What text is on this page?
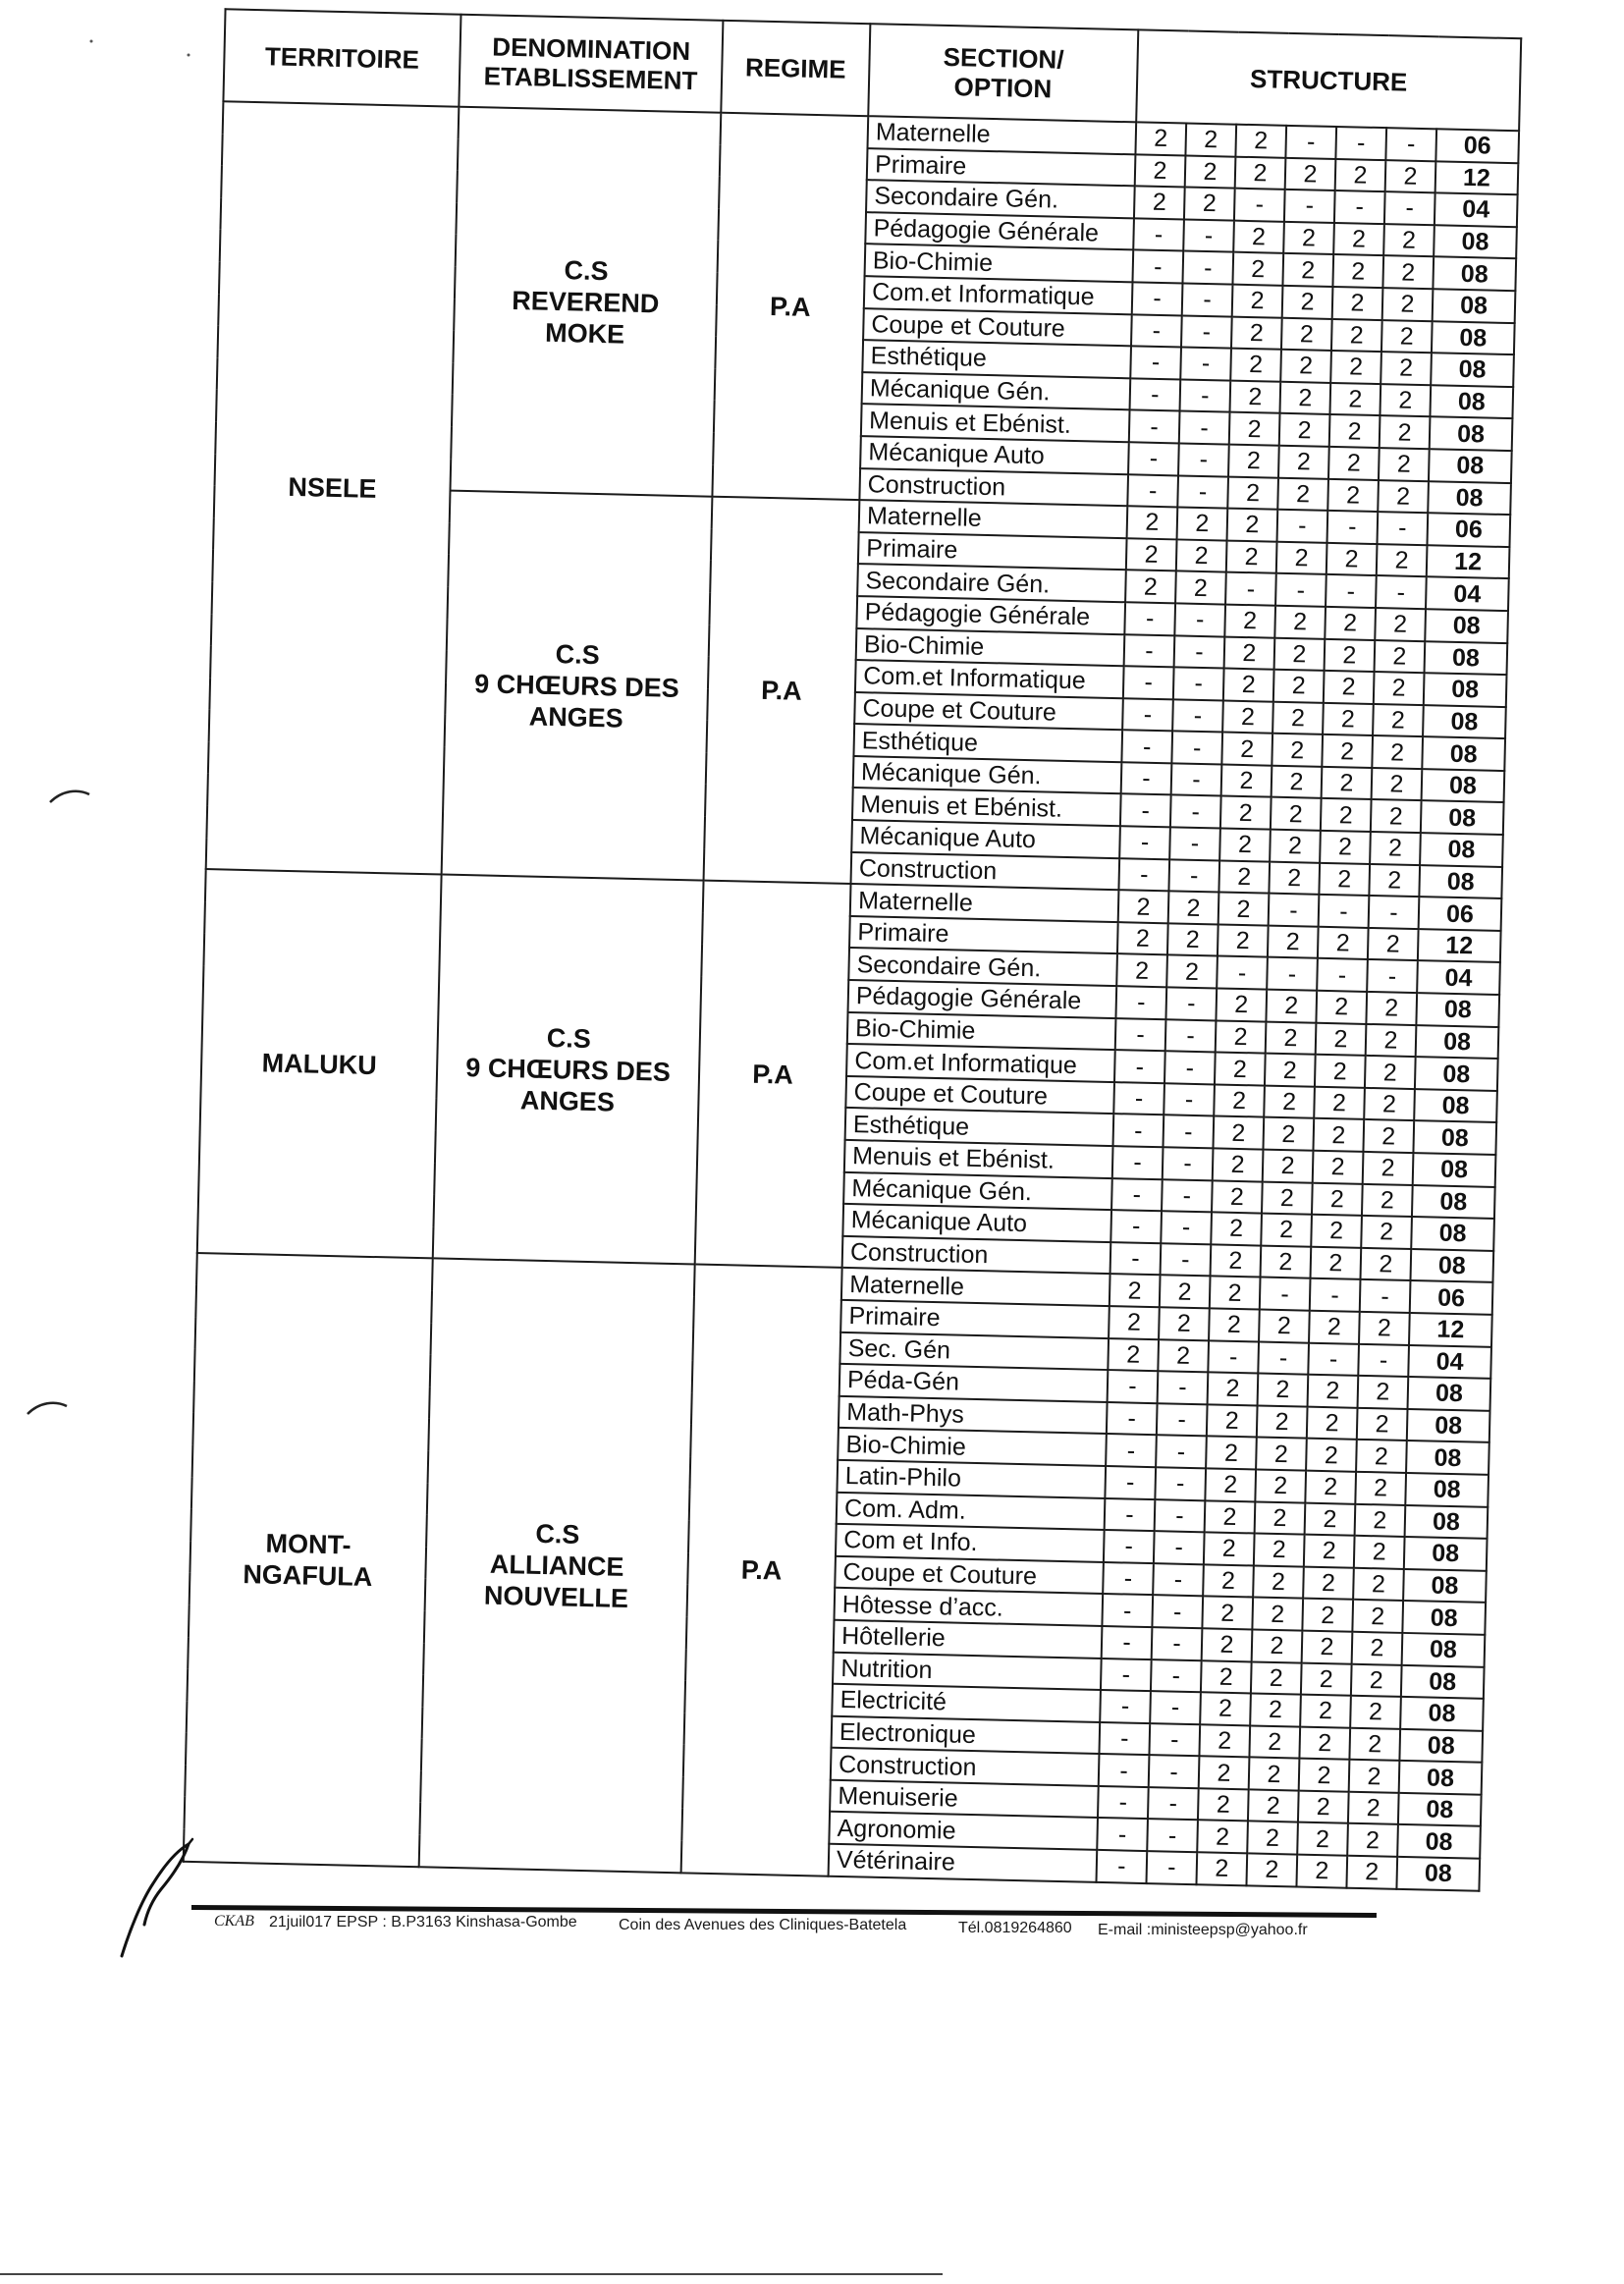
TERRITOIRE	DENOMINATION
ETABLISSEMENT	REGIME	SECTION/
OPTION	STRUCTURE						

NSELE	C.S
REVEREND
MOKE	P.A	Maternelle	2	2	2	-	-	-	06
			Primaire	2	2	2	2	2	2	12
			Secondaire Gén.	2	2	-	-	-	-	04
			Pédagogie Générale	-	-	2	2	2	2	08
			Bio-Chimie	-	-	2	2	2	2	08
			Com.et Informatique	-	-	2	2	2	2	08
			Coupe et Couture	-	-	2	2	2	2	08
			Esthétique	-	-	2	2	2	2	08
			Mécanique Gén.	-	-	2	2	2	2	08
			Menuis et Ebénist.	-	-	2	2	2	2	08
			Mécanique Auto	-	-	2	2	2	2	08
			Construction	-	-	2	2	2	2	08

	C.S
9 CHŒURS DES
ANGES	P.A	Maternelle	2	2	2	-	-	-	06
			Primaire	2	2	2	2	2	2	12
			Secondaire Gén.	2	2	-	-	-	-	04
			Pédagogie Générale	-	-	2	2	2	2	08
			Bio-Chimie	-	-	2	2	2	2	08
			Com.et Informatique	-	-	2	2	2	2	08
			Coupe et Couture	-	-	2	2	2	2	08
			Esthétique	-	-	2	2	2	2	08
			Mécanique Gén.	-	-	2	2	2	2	08
			Menuis et Ebénist.	-	-	2	2	2	2	08
			Mécanique Auto	-	-	2	2	2	2	08
			Construction	-	-	2	2	2	2	08

MALUKU	C.S
9 CHŒURS DES
ANGES	P.A	Maternelle	2	2	2	-	-	-	06
			Primaire	2	2	2	2	2	2	12
			Secondaire Gén.	2	2	-	-	-	-	04
			Pédagogie Générale	-	-	2	2	2	2	08
			Bio-Chimie	-	-	2	2	2	2	08
			Com.et Informatique	-	-	2	2	2	2	08
			Coupe et Couture	-	-	2	2	2	2	08
			Esthétique	-	-	2	2	2	2	08
			Menuis et Ebénist.	-	-	2	2	2	2	08
			Mécanique Gén.	-	-	2	2	2	2	08
			Mécanique Auto	-	-	2	2	2	2	08
			Construction	-	-	2	2	2	2	08

MONT-
NGAFULA	C.S
ALLIANCE
NOUVELLE	P.A	Maternelle	2	2	2	-	-	-	06
			Primaire	2	2	2	2	2	2	12
			Sec. Gén	2	2	-	-	-	-	04
			Péda-Gén	-	-	2	2	2	2	08
			Math-Phys	-	-	2	2	2	2	08
			Bio-Chimie	-	-	2	2	2	2	08
			Latin-Philo	-	-	2	2	2	2	08
			Com. Adm.	-	-	2	2	2	2	08
			Com et Info.	-	-	2	2	2	2	08
			Coupe et Couture	-	-	2	2	2	2	08
			Hôtesse d’acc.	-	-	2	2	2	2	08
			Hôtellerie	-	-	2	2	2	2	08
			Nutrition	-	-	2	2	2	2	08
			Electricité	-	-	2	2	2	2	08
			Electronique	-	-	2	2	2	2	08
			Construction	-	-	2	2	2	2	08
			Menuiserie	-	-	2	2	2	2	08
			Agronomie	-	-	2	2	2	2	08
			Vétérinaire	-	-	2	2	2	2	08
CKAB 21juil017 EPSP : B.P3163 Kinshasa-Gombe	Coin des Avenues des Cliniques-Batetela	Tél.0819264860 E-mail :ministeepsp@yahoo.fr
